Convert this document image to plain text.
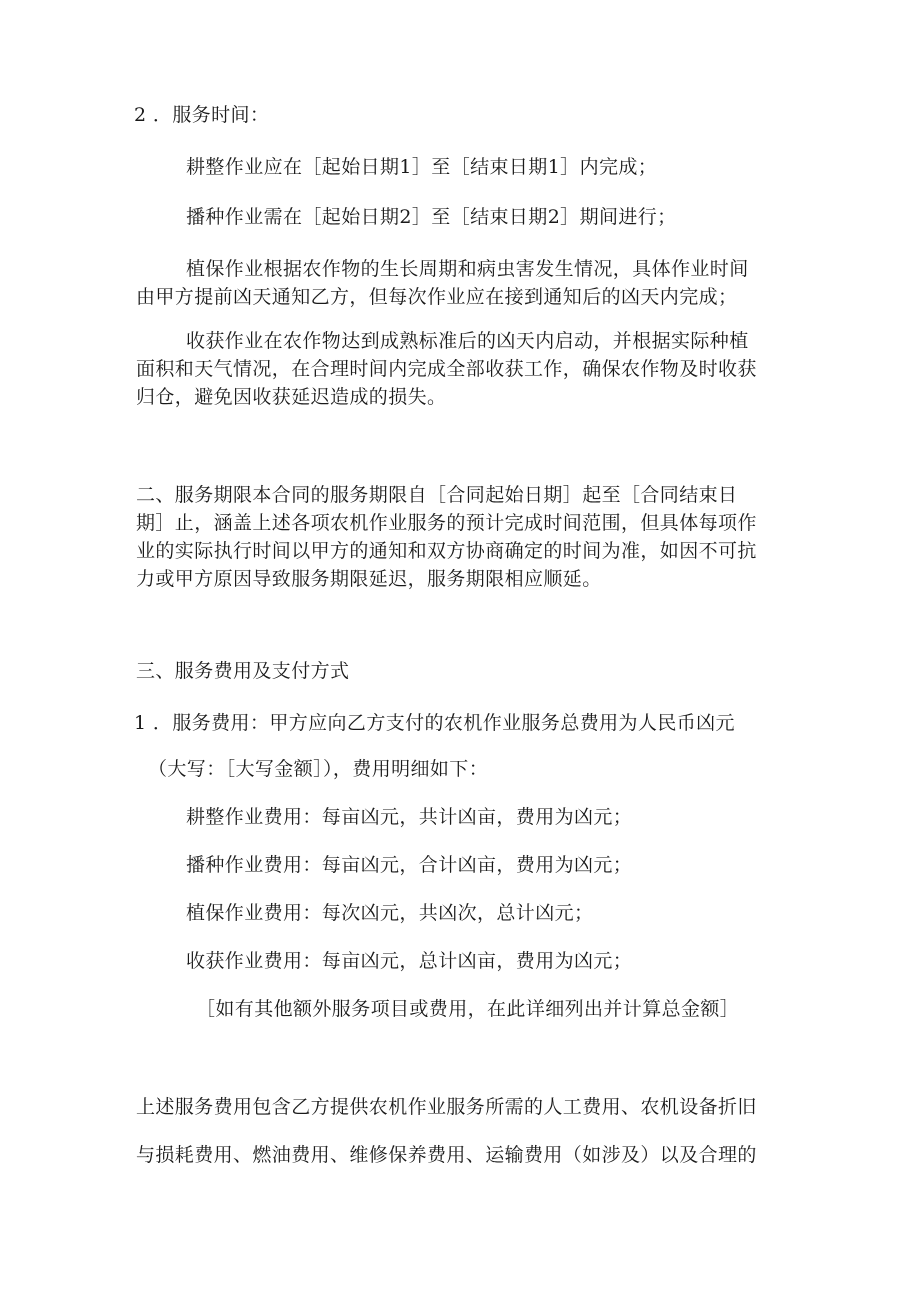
2 ．服务时间：
耕整作业应在［起始日期1］至［结束日期1］内完成；
播种作业需在［起始日期2］至［结束日期2］期间进行；
植保作业根据农作物的生长周期和病虫害发生情况，具体作业时间
由甲方提前凶天通知乙方，但每次作业应在接到通知后的凶天内完成；
收获作业在农作物达到成熟标准后的凶天内启动，并根据实际种植
面积和天气情况，在合理时间内完成全部收获工作，确保农作物及时收获
归仓，避免因收获延迟造成的损失。
二、服务期限本合同的服务期限自［合同起始日期］起至［合同结束日
期］止，涵盖上述各项农机作业服务的预计完成时间范围，但具体每项作
业的实际执行时间以甲方的通知和双方协商确定的时间为准，如因不可抗
力或甲方原因导致服务期限延迟，服务期限相应顺延。
三、服务费用及支付方式
1 ．服务费用：甲方应向乙方支付的农机作业服务总费用为人民币凶元
（大写：［大写金额］），费用明细如下：
耕整作业费用：每亩凶元，共计凶亩，费用为凶元；
播种作业费用：每亩凶元，合计凶亩，费用为凶元；
植保作业费用：每次凶元，共凶次，总计凶元；
收获作业费用：每亩凶元，总计凶亩，费用为凶元；
［如有其他额外服务项目或费用，在此详细列出并计算总金额］
上述服务费用包含乙方提供农机作业服务所需的人工费用、农机设备折旧
与损耗费用、燃油费用、维修保养费用、运输费用（如涉及）以及合理的
